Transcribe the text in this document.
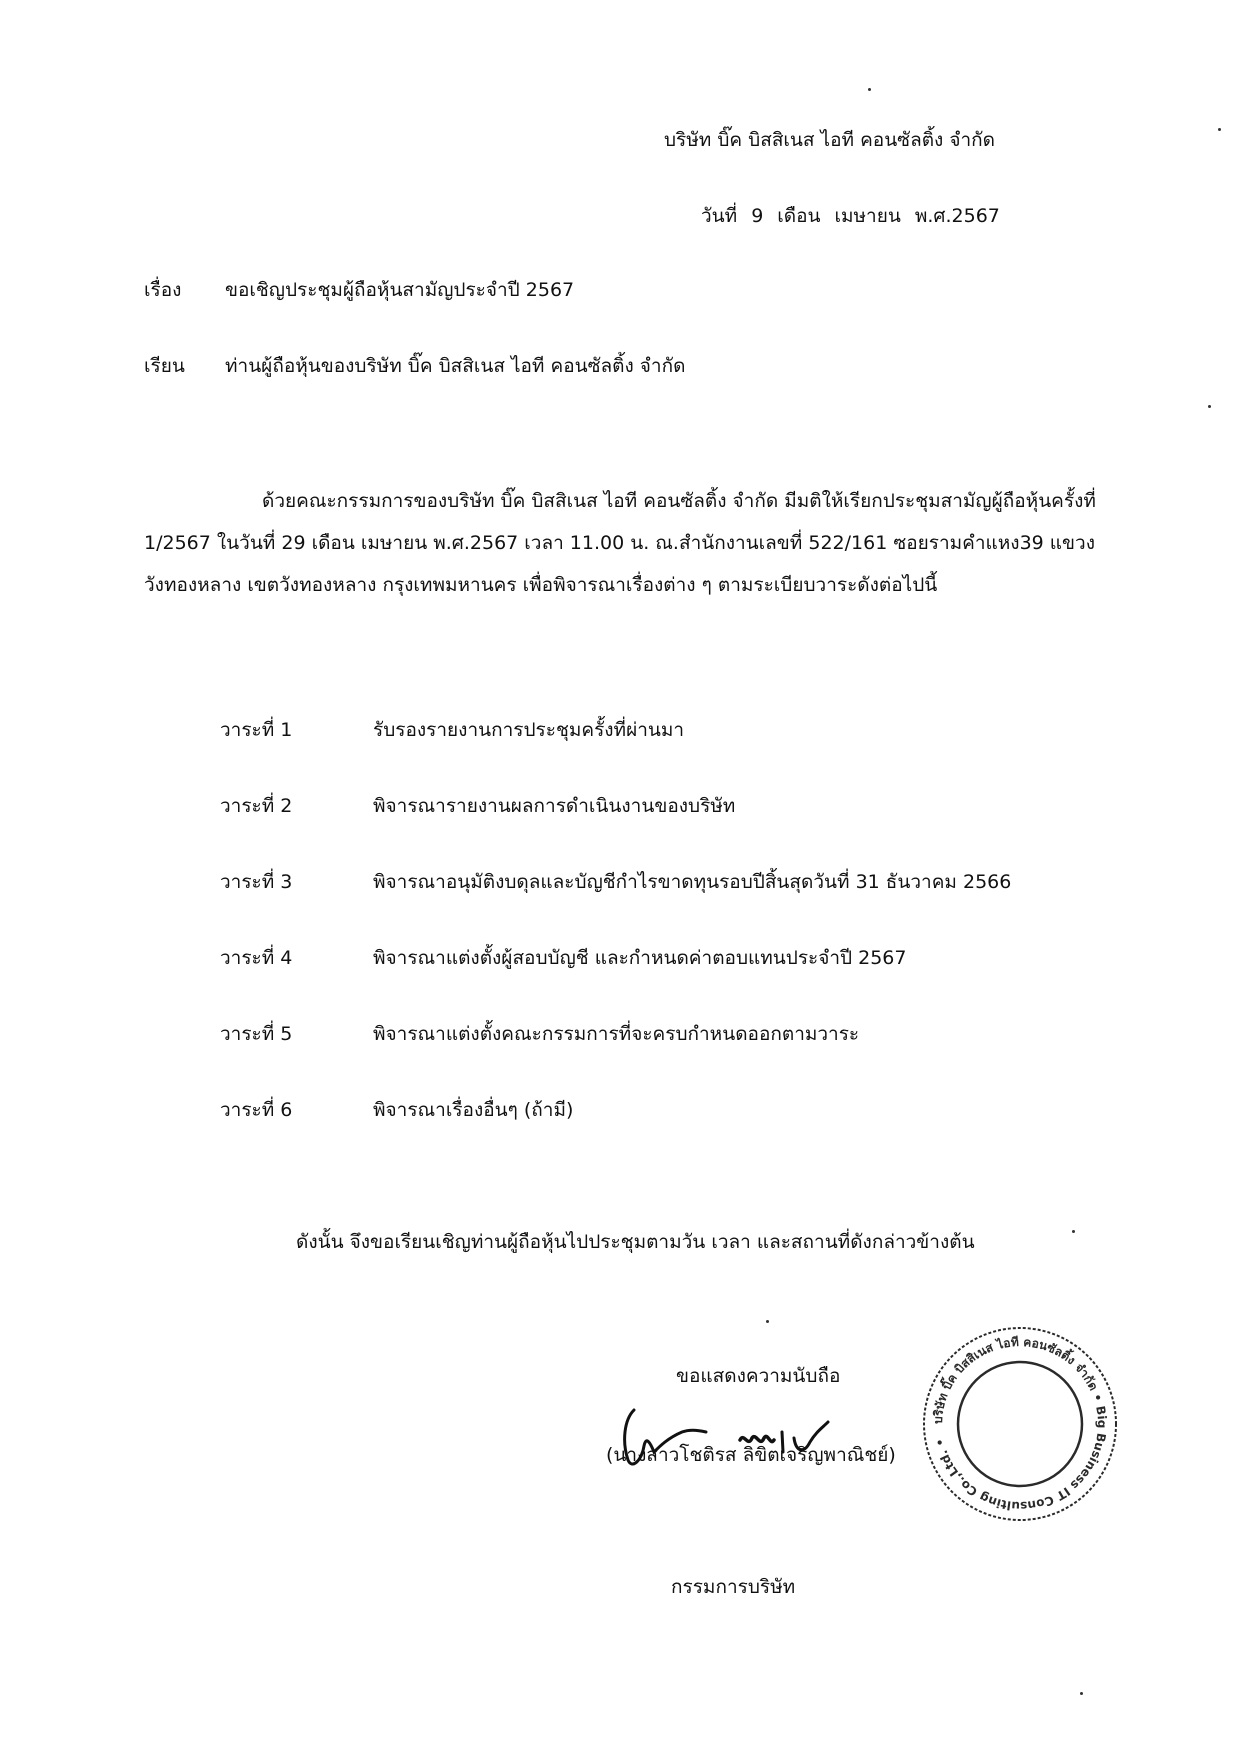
บริษัท บิ๊ค บิสสิเนส ไอที คอนซัลติ้ง จำกัด
วันที่ 9 เดือน เมษายน พ.ศ.2567
เรื่อง ขอเชิญประชุมผู้ถือหุ้นสามัญประจำปี 2567
เรียน ท่านผู้ถือหุ้นของบริษัท บิ๊ค บิสสิเนส ไอที คอนซัลติ้ง จำกัด
ด้วยคณะกรรมการของบริษัท บิ๊ค บิสสิเนส ไอที คอนซัลติ้ง จำกัด มีมติให้เรียกประชุมสามัญผู้ถือหุ้นครั้งที่ 1/2567 ในวันที่ 29 เดือน เมษายน พ.ศ.2567 เวลา 11.00 น. ณ.สำนักงานเลขที่ 522/161 ซอยรามคำแหง39 แขวงวังทองหลาง เขตวังทองหลาง กรุงเทพมหานคร เพื่อพิจารณาเรื่องต่าง ๆ ตามระเบียบวาระดังต่อไปนี้
วาระที่ 1	รับรองรายงานการประชุมครั้งที่ผ่านมา
วาระที่ 2	พิจารณารายงานผลการดำเนินงานของบริษัท
วาระที่ 3	พิจารณาอนุมัติงบดุลและบัญชีกำไรขาดทุนรอบปีสิ้นสุดวันที่ 31 ธันวาคม 2566
วาระที่ 4	พิจารณาแต่งตั้งผู้สอบบัญชี และกำหนดค่าตอบแทนประจำปี 2567
วาระที่ 5	พิจารณาแต่งตั้งคณะกรรมการที่จะครบกำหนดออกตามวาระ
วาระที่ 6	พิจารณาเรื่องอื่นๆ (ถ้ามี)
ดังนั้น จึงขอเรียนเชิญท่านผู้ถือหุ้นไปประชุมตามวัน เวลา และสถานที่ดังกล่าวข้างต้น
ขอแสดงความนับถือ
(นางสาวโชติรส ลิขิตเจริญพาณิชย์)
กรรมการบริษัท
บริษัท บิ๊ค บิสสิเนส ไอที คอนซัลติ้ง จำกัด • Big Business IT Consulting Co.,Ltd. •
